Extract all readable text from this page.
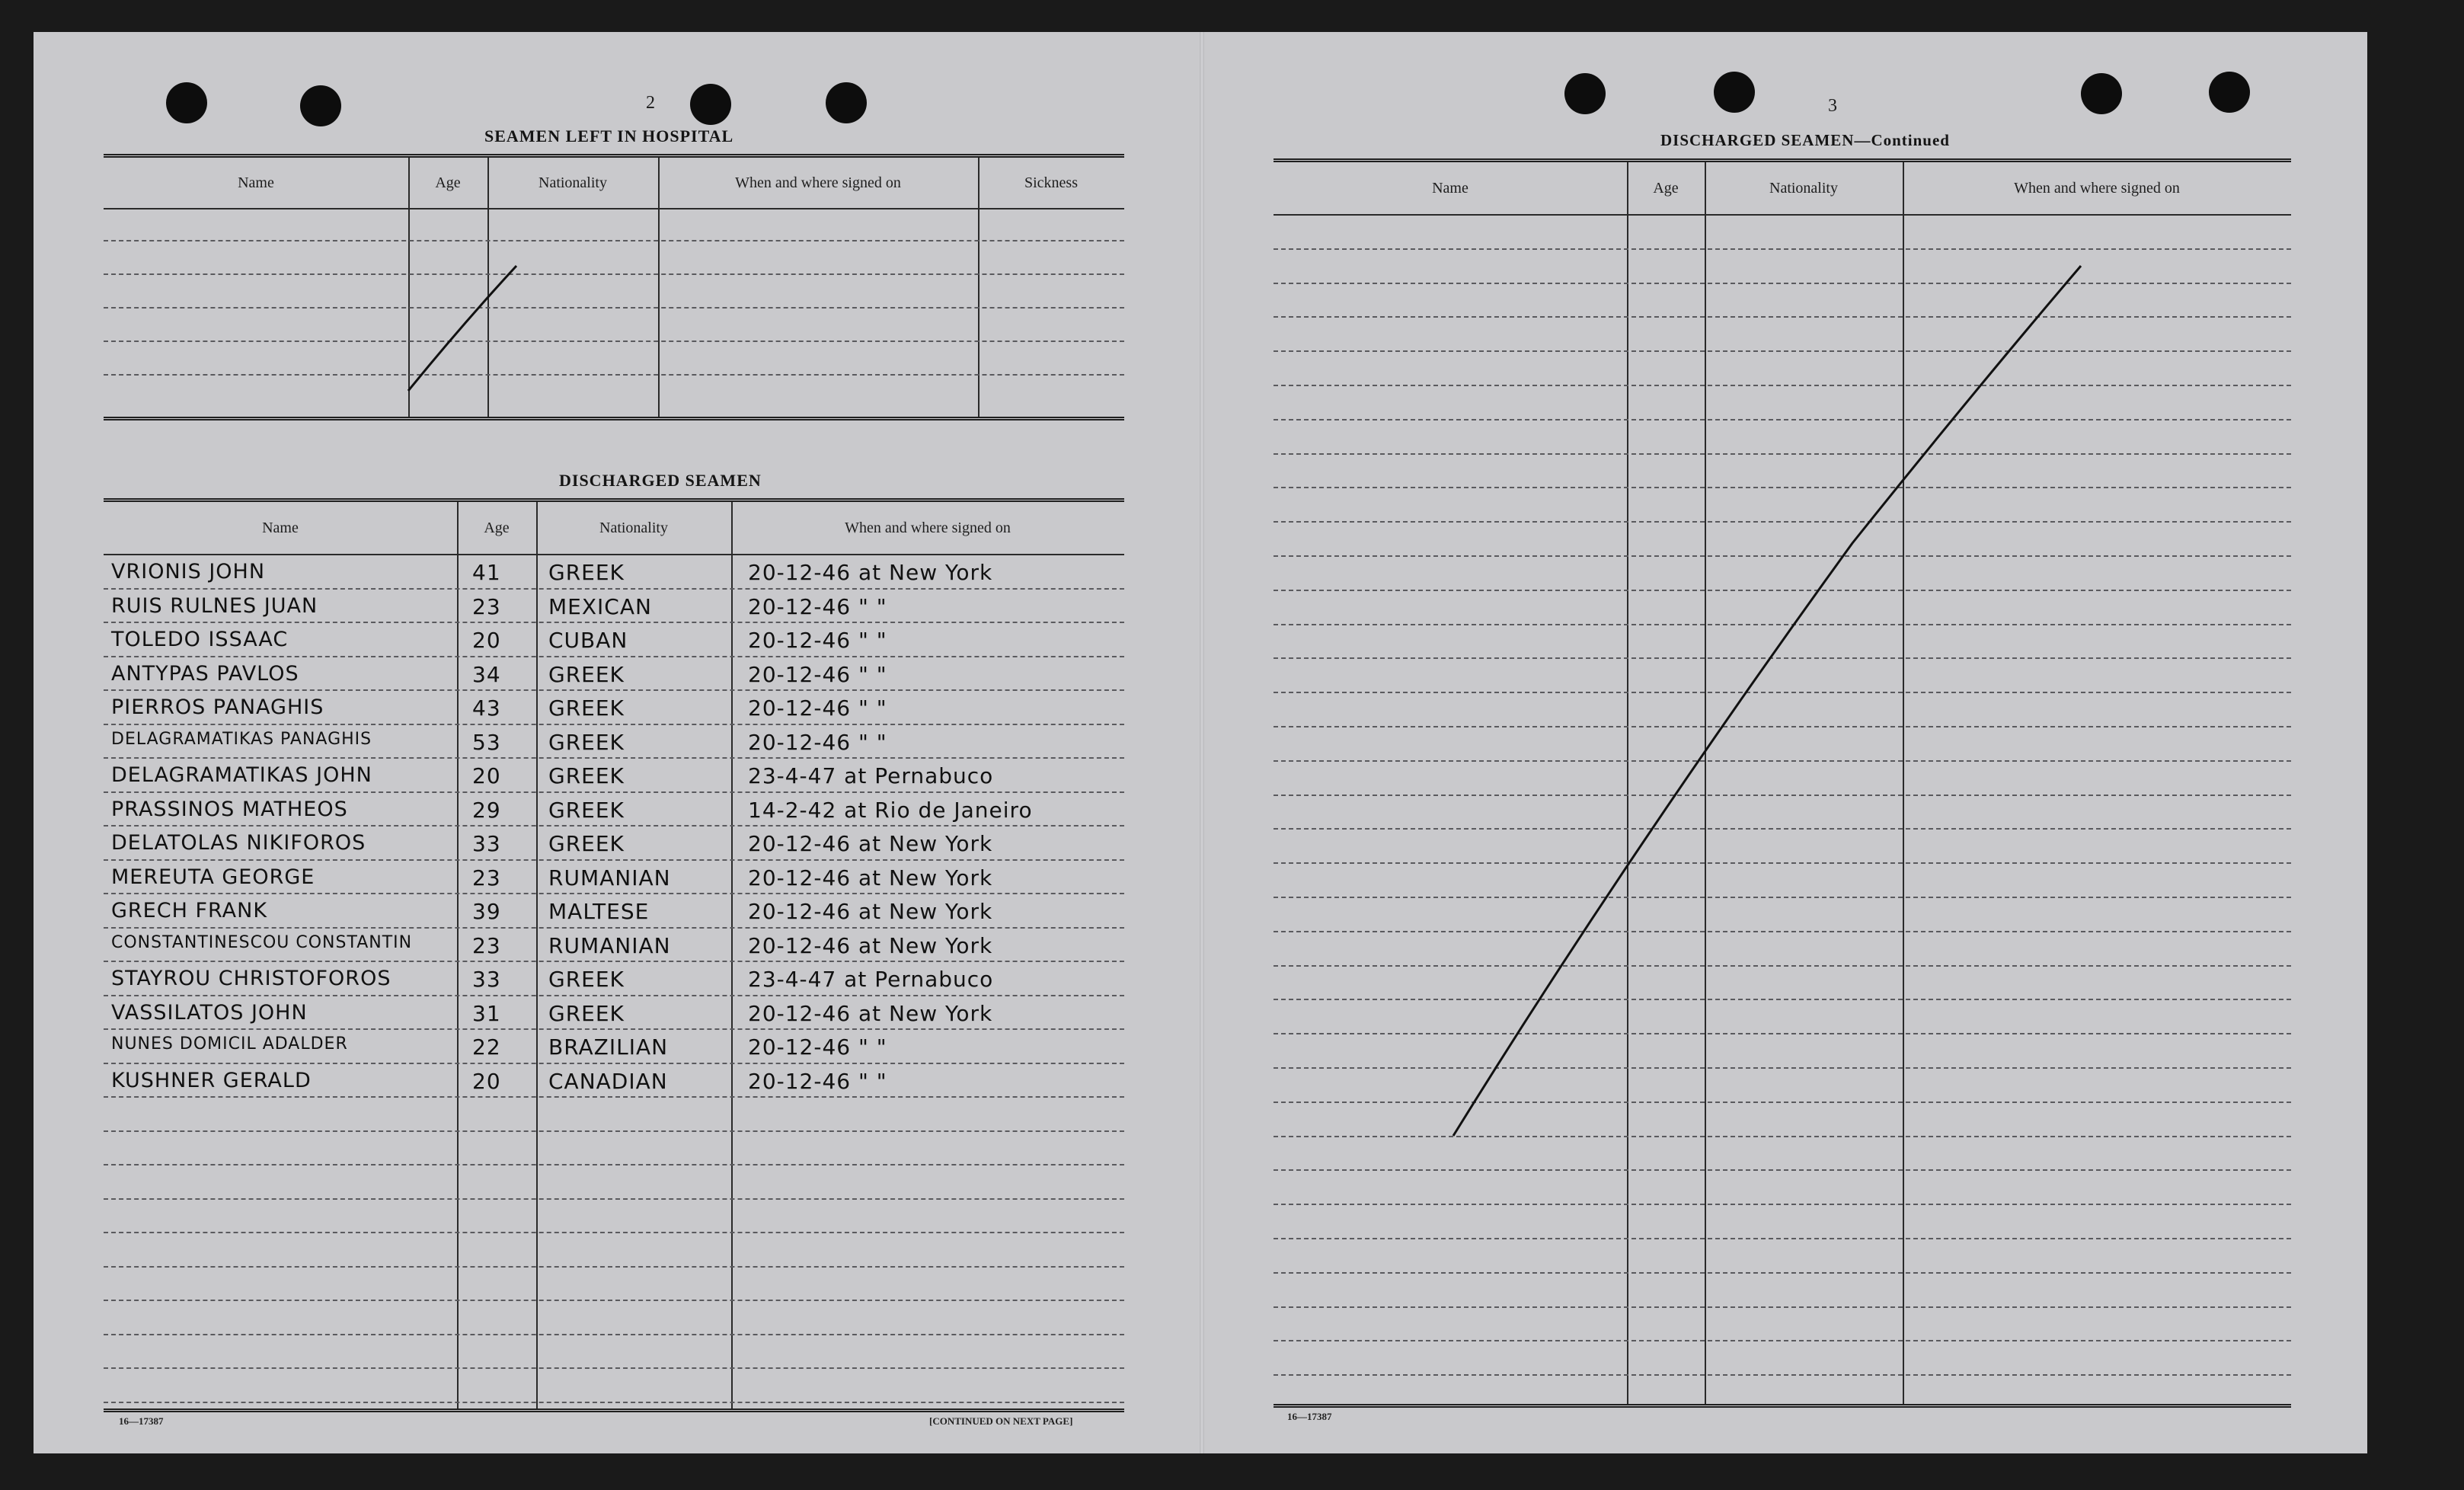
2
SEAMEN LEFT IN HOSPITAL
Name	Age	Nationality	When and where signed on	Sickness
DISCHARGED SEAMEN
Name	Age	Nationality	When and where signed on
VRIONIS JOHN	41 GREEK	20-12-46 at New York
RUIS RULNES JUAN	23 MEXICAN	20-12-46 " "
TOLEDO ISSAAC	20 CUBAN	20-12-46 " "
ANTYPAS PAVLOS	34 GREEK	20-12-46 " "
PIERROS PANAGHIS	43 GREEK	20-12-46 " "
DELAGRAMATIKAS PANAGHIS	53 GREEK	20-12-46 " "
DELAGRAMATIKAS JOHN	20 GREEK	23-4-47 at Pernabuco
PRASSINOS MATHEOS	29 GREEK	14-2-42 at Rio de Janeiro
DELATOLAS NIKIFOROS	33 GREEK	20-12-46 at New York
MEREUTA GEORGE	23 RUMANIAN	20-12-46 at New York
GRECH FRANK	39 MALTESE	20-12-46 at New York
CONSTANTINESCOU CONSTANTIN	23 RUMANIAN	20-12-46 at New York
STAYROU CHRISTOFOROS	33 GREEK	23-4-47 at Pernabuco
VASSILATOS JOHN	31 GREEK	20-12-46 at New York
NUNES DOMICIL ADALDER	22 BRAZILIAN	20-12-46 " "
KUSHNER GERALD	20 CANADIAN	20-12-46 " "
16—17387	[CONTINUED ON NEXT PAGE]
3
DISCHARGED SEAMEN—Continued
Name	Age	Nationality	When and where signed on
16—17387
